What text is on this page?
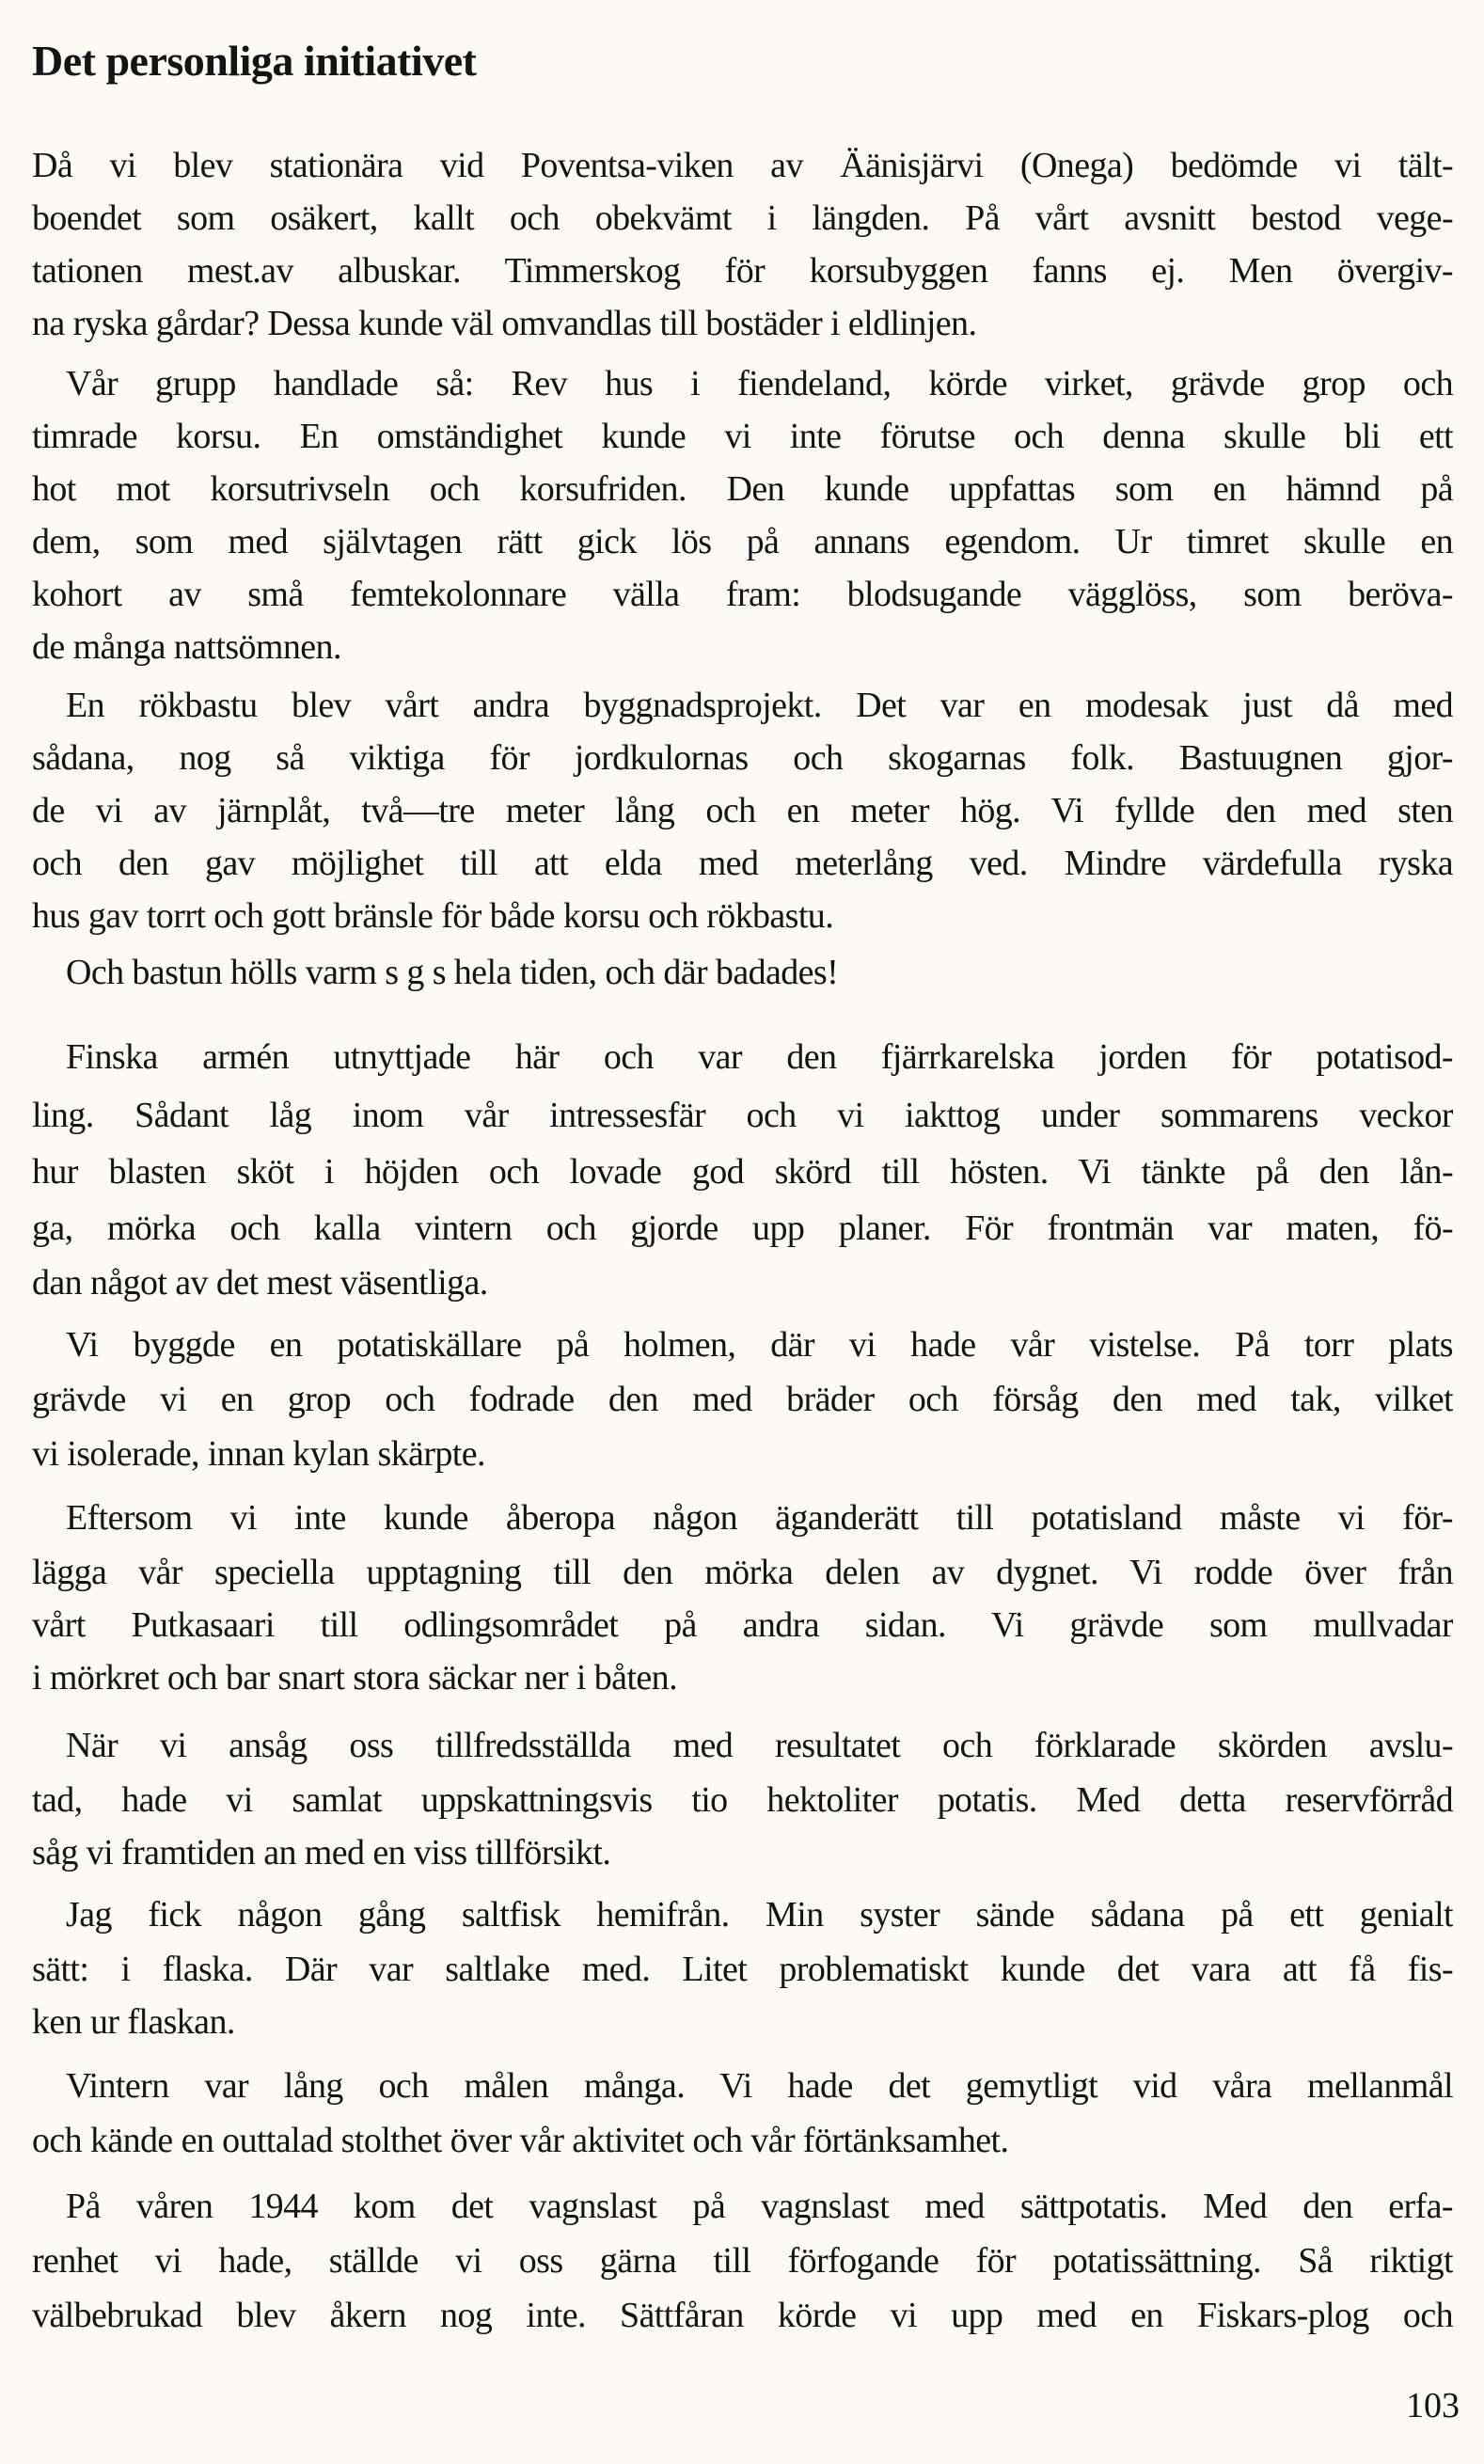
Det personliga initiativet
Då vi blev stationära vid Poventsa-viken av Äänisjärvi (Onega) bedömde vi tält-
boendet som osäkert, kallt och obekvämt i längden. På vårt avsnitt bestod vege-
tationen mest.av albuskar. Timmerskog för korsubyggen fanns ej. Men övergiv-
na ryska gårdar? Dessa kunde väl omvandlas till bostäder i eldlinjen.
Vår grupp handlade så: Rev hus i fiendeland, körde virket, grävde grop och
timrade korsu. En omständighet kunde vi inte förutse och denna skulle bli ett
hot mot korsutrivseln och korsufriden. Den kunde uppfattas som en hämnd på
dem, som med självtagen rätt gick lös på annans egendom. Ur timret skulle en
kohort av små femtekolonnare välla fram: blodsugande vägglöss, som beröva-
de många nattsömnen.
En rökbastu blev vårt andra byggnadsprojekt. Det var en modesak just då med
sådana, nog så viktiga för jordkulornas och skogarnas folk. Bastuugnen gjor-
de vi av järnplåt, två—tre meter lång och en meter hög. Vi fyllde den med sten
och den gav möjlighet till att elda med meterlång ved. Mindre värdefulla ryska
hus gav torrt och gott bränsle för både korsu och rökbastu.
Och bastun hölls varm s g s hela tiden, och där badades!
Finska armén utnyttjade här och var den fjärrkarelska jorden för potatisod-
ling. Sådant låg inom vår intressesfär och vi iakttog under sommarens veckor
hur blasten sköt i höjden och lovade god skörd till hösten. Vi tänkte på den lån-
ga, mörka och kalla vintern och gjorde upp planer. För frontmän var maten, fö-
dan något av det mest väsentliga.
Vi byggde en potatiskällare på holmen, där vi hade vår vistelse. På torr plats
grävde vi en grop och fodrade den med bräder och försåg den med tak, vilket
vi isolerade, innan kylan skärpte.
Eftersom vi inte kunde åberopa någon äganderätt till potatisland måste vi för-
lägga vår speciella upptagning till den mörka delen av dygnet. Vi rodde över från
vårt Putkasaari till odlingsområdet på andra sidan. Vi grävde som mullvadar
i mörkret och bar snart stora säckar ner i båten.
När vi ansåg oss tillfredsställda med resultatet och förklarade skörden avslu-
tad, hade vi samlat uppskattningsvis tio hektoliter potatis. Med detta reservförråd
såg vi framtiden an med en viss tillförsikt.
Jag fick någon gång saltfisk hemifrån. Min syster sände sådana på ett genialt
sätt: i flaska. Där var saltlake med. Litet problematiskt kunde det vara att få fis-
ken ur flaskan.
Vintern var lång och målen många. Vi hade det gemytligt vid våra mellanmål
och kände en outtalad stolthet över vår aktivitet och vår förtänksamhet.
På våren 1944 kom det vagnslast på vagnslast med sättpotatis. Med den erfa-
renhet vi hade, ställde vi oss gärna till förfogande för potatissättning. Så riktigt
välbebrukad blev åkern nog inte. Sättfåran körde vi upp med en Fiskars-plog och
103
